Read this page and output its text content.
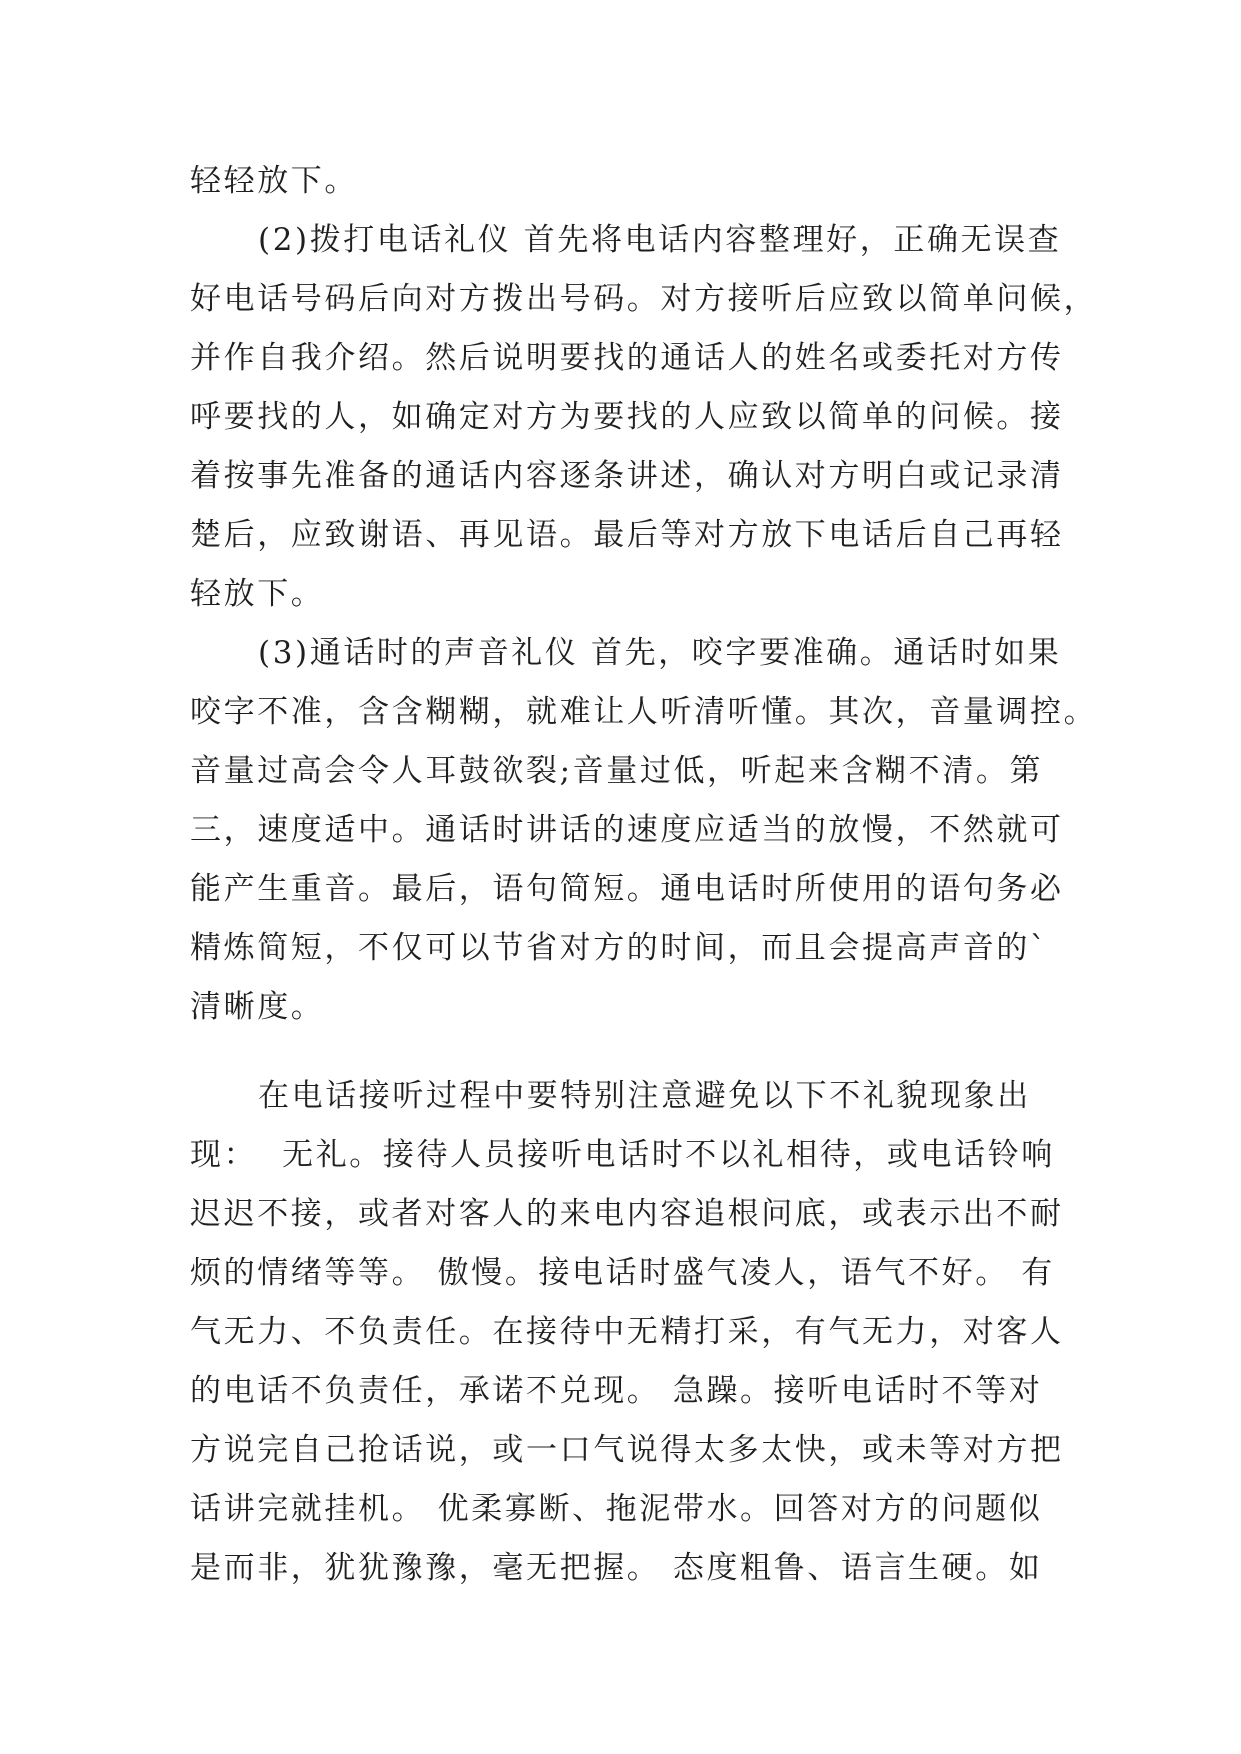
轻轻放下。
(2)拨打电话礼仪 首先将电话内容整理好，正确无误查
好电话号码后向对方拨出号码。对方接听后应致以简单问候，
并作自我介绍。然后说明要找的通话人的姓名或委托对方传
呼要找的人，如确定对方为要找的人应致以简单的问候。接
着按事先准备的通话内容逐条讲述，确认对方明白或记录清
楚后，应致谢语、再见语。最后等对方放下电话后自己再轻
轻放下。
(3)通话时的声音礼仪 首先，咬字要准确。通话时如果
咬字不准，含含糊糊，就难让人听清听懂。其次，音量调控。
音量过高会令人耳鼓欲裂;音量过低，听起来含糊不清。第
三，速度适中。通话时讲话的速度应适当的放慢，不然就可
能产生重音。最后，语句简短。通电话时所使用的语句务必
精炼简短，不仅可以节省对方的时间，而且会提高声音的`
清晰度。
在电话接听过程中要特别注意避免以下不礼貌现象出
现：  无礼。接待人员接听电话时不以礼相待，或电话铃响
迟迟不接，或者对客人的来电内容追根问底，或表示出不耐
烦的情绪等等。 傲慢。接电话时盛气凌人，语气不好。 有
气无力、不负责任。在接待中无精打采，有气无力，对客人
的电话不负责任，承诺不兑现。 急躁。接听电话时不等对
方说完自己抢话说，或一口气说得太多太快，或未等对方把
话讲完就挂机。 优柔寡断、拖泥带水。回答对方的问题似
是而非，犹犹豫豫，毫无把握。 态度粗鲁、语言生硬。如
